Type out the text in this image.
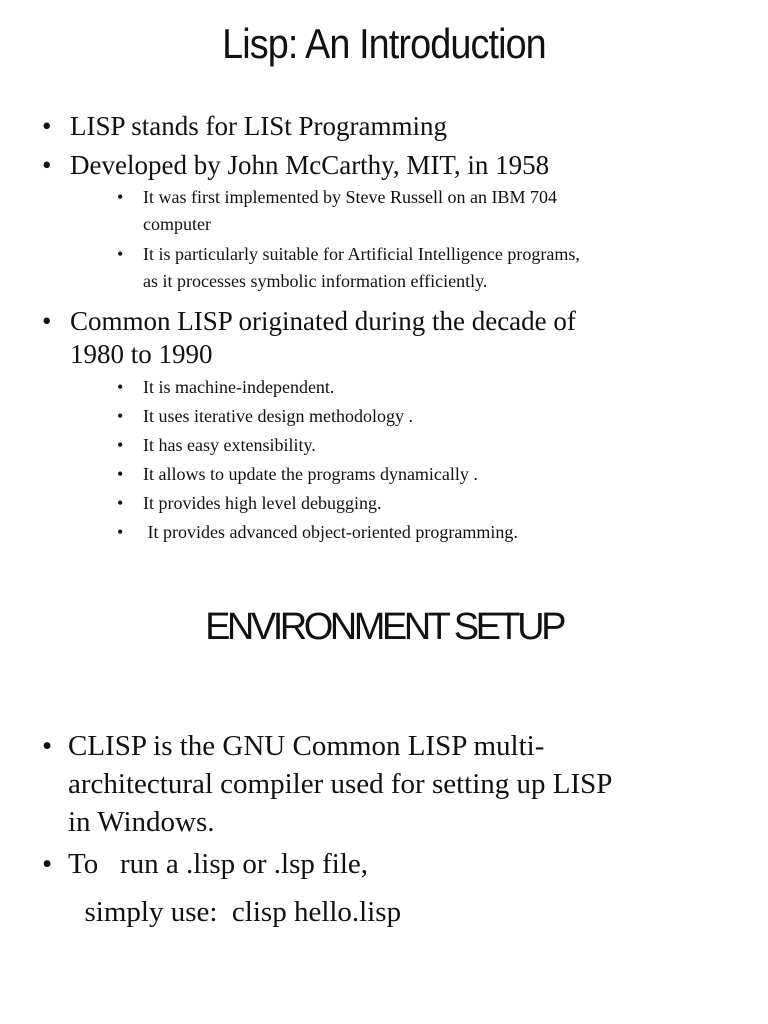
Lisp: An Introduction
• LISP stands for LISt Programming
• Developed by John McCarthy, MIT, in 1958
• It was first implemented by Steve Russell on an IBM 704
computer
• It is particularly suitable for Artificial Intelligence programs,
as it processes symbolic information efficiently.
• Common LISP originated during the decade of
1980 to 1990
• It is machine-independent.
• It uses iterative design methodology .
• It has easy extensibility.
• It allows to update the programs dynamically .
• It provides high level debugging.
• It provides advanced object-oriented programming.
ENVIRONMENT SETUP
• CLISP is the GNU Common LISP multi-
architectural compiler used for setting up LISP
in Windows.
• To   run a .lisp or .lsp file,
simply use:  clisp hello.lisp
